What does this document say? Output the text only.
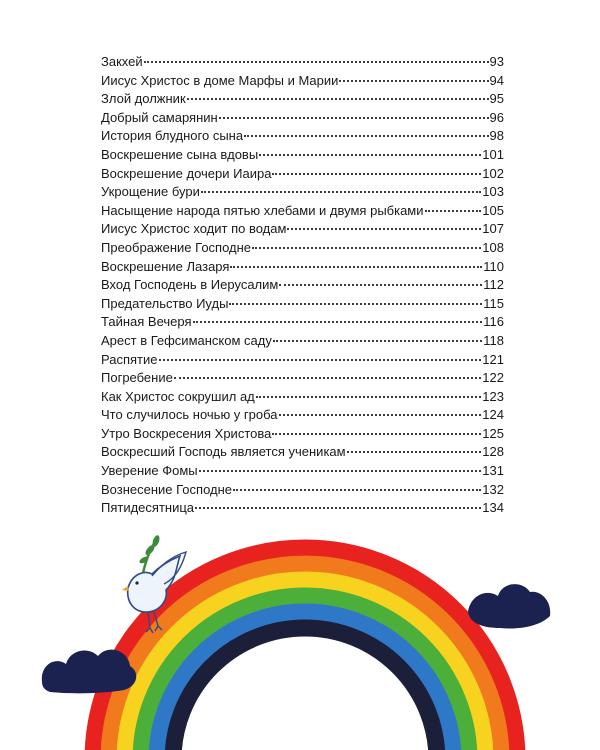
Закхей	93
Иисус Христос в доме Марфы и Марии	94
Злой должник	95
Добрый самарянин	96
История блудного сына	98
Воскрешение сына вдовы	101
Воскрешение дочери Иаира	102
Укрощение бури	103
Насыщение народа пятью хлебами и двумя рыбками	105
Иисус Христос ходит по водам	107
Преображение Господне	108
Воскрешение Лазаря	110
Вход Господень в Иерусалим	112
Предательство Иуды	115
Тайная Вечеря	116
Арест в Гефсиманском саду	118
Распятие	121
Погребение	122
Как Христос сокрушил ад	123
Что случилось ночью у гроба	124
Утро Воскресения Христова	125
Воскресший Господь является ученикам	128
Уверение Фомы	131
Вознесение Господне	132
Пятидесятница	134
